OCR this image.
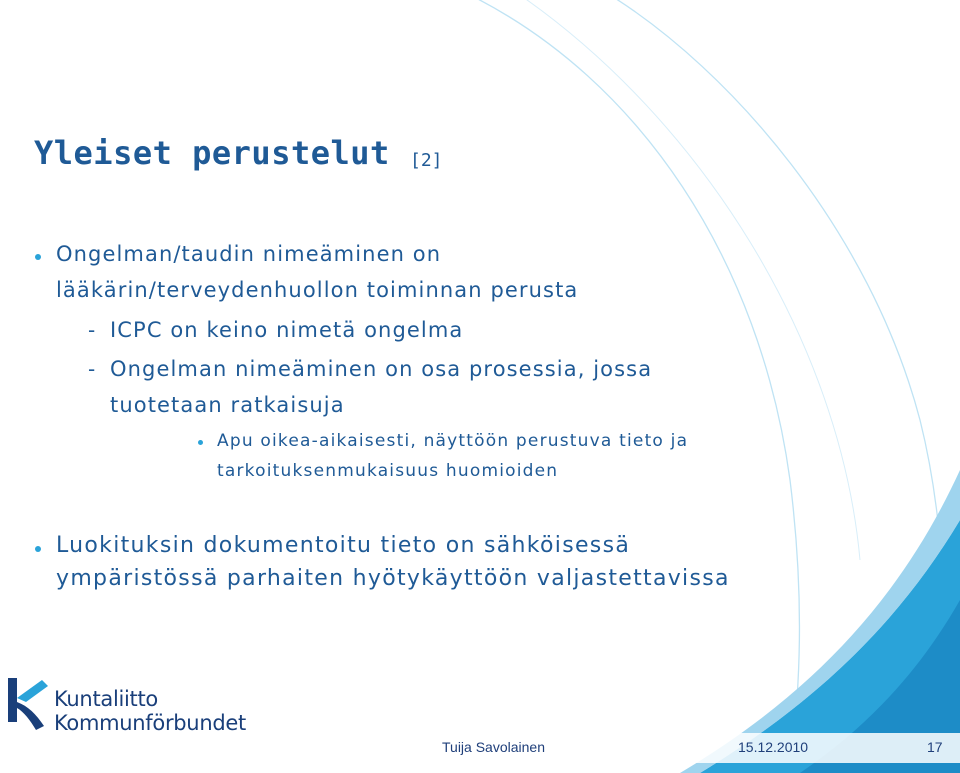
Yleiset perustelut [2]
Ongelman/taudin nimeäminen on
lääkärin/terveydenhuollon toiminnan perusta
- ICPC on keino nimetä ongelma
- Ongelman nimeäminen on osa prosessia, jossa
tuotetaan ratkaisuja
Apu oikea-aikaisesti, näyttöön perustuva tieto ja
tarkoituksenmukaisuus huomioiden
Luokituksin dokumentoitu tieto on sähköisessä
ympäristössä parhaiten hyötykäyttöön valjastettavissa
Kuntaliitto
Kommunförbundet
Tuija Savolainen	15.12.2010	17
